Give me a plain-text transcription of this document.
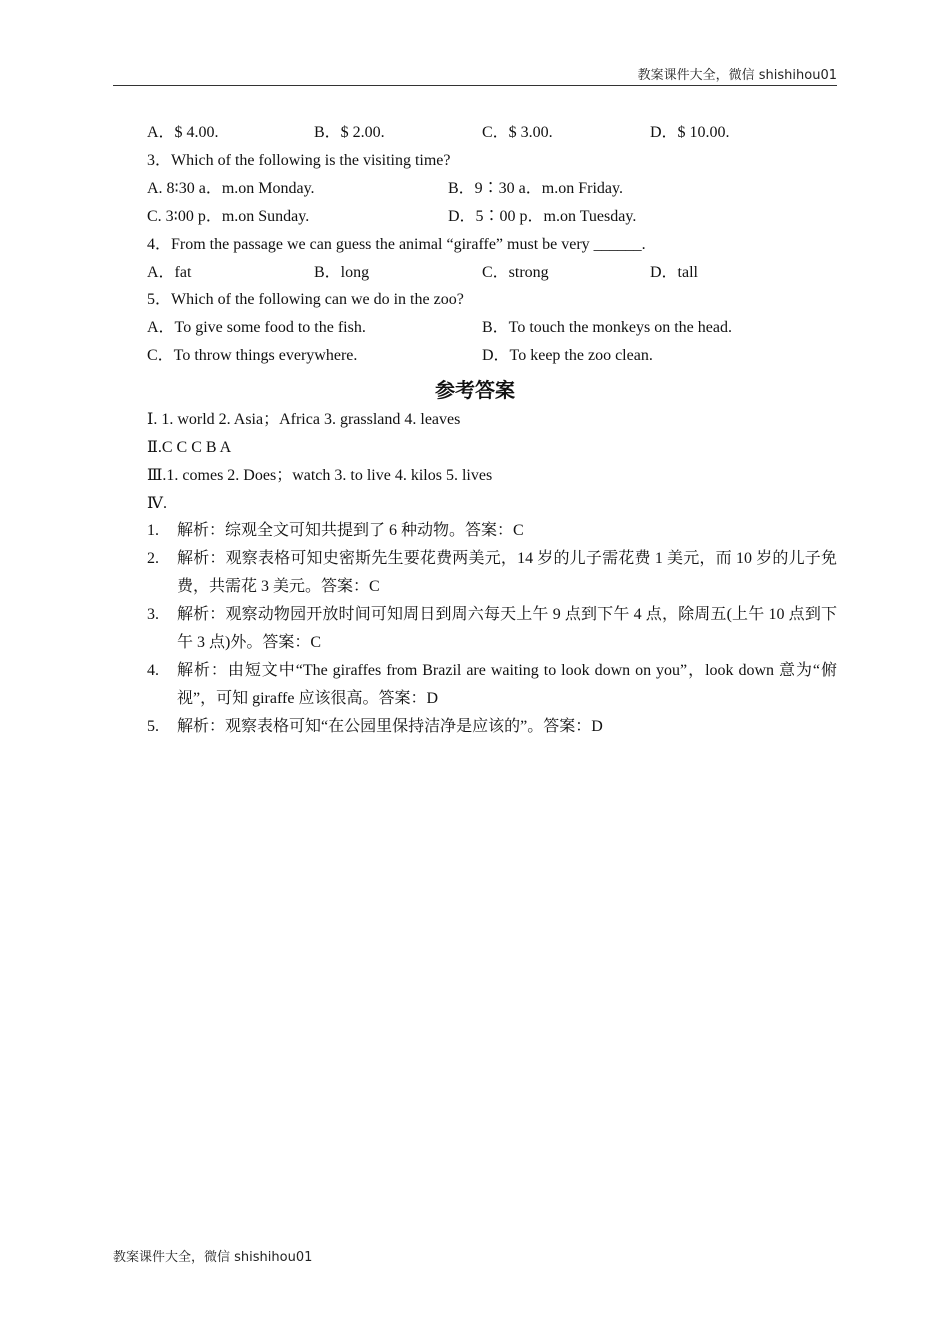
教案课件大全，微信 shishihou01
A．$ 4.00.	B．$ 2.00.	C．$ 3.00.	D．$ 10.00.
3．Which of the following is the visiting time?
A. 8∶30 a．m.on Monday.	B．9∶30 a．m.on Friday.
C. 3∶00 p．m.on Sunday.	D．5∶00 p．m.on Tuesday.
4．From the passage we can guess the animal “giraffe” must be very ______.
A．fat	B．long	C．strong	D．tall
5．Which of the following can we do in the zoo?
A．To give some food to the fish.	B．To touch the monkeys on the head.
C．To throw things everywhere.	D．To keep the zoo clean.
参考答案
Ⅰ. 1. world 2. Asia；Africa 3. grassland 4. leaves
Ⅱ.C C C B A
Ⅲ.1. comes 2. Does；watch 3. to live 4. kilos 5. lives
Ⅳ.
1. 解析：综观全文可知共提到了 6 种动物。答案：C
2. 解析：观察表格可知史密斯先生要花费两美元，14 岁的儿子需花费 1 美元，而 10 岁的儿子免费，共需花 3 美元。答案：C
3. 解析：观察动物园开放时间可知周日到周六每天上午 9 点到下午 4 点，除周五(上午 10 点到下午 3 点)外。答案：C
4. 解析：由短文中“The giraffes from Brazil are waiting to look down on you”，look down 意为“俯视”，可知 giraffe 应该很高。答案：D
5. 解析：观察表格可知“在公园里保持洁净是应该的”。答案：D
教案课件大全，微信 shishihou01
